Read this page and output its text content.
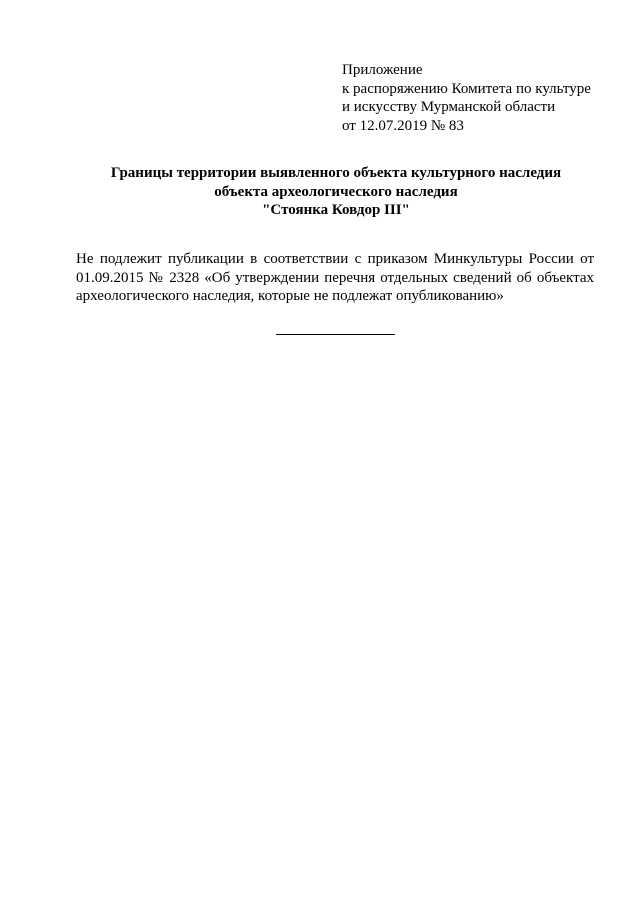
Приложение
к распоряжению Комитета по культуре
и искусству Мурманской области
от 12.07.2019 № 83
Границы территории выявленного объекта культурного наследия
объекта археологического наследия
"Стоянка Ковдор III"
Не подлежит публикации в соответствии с приказом Минкультуры России от
01.09.2015 № 2328 «Об утверждении перечня отдельных сведений об объектах
археологического наследия, которые не подлежат опубликованию»
